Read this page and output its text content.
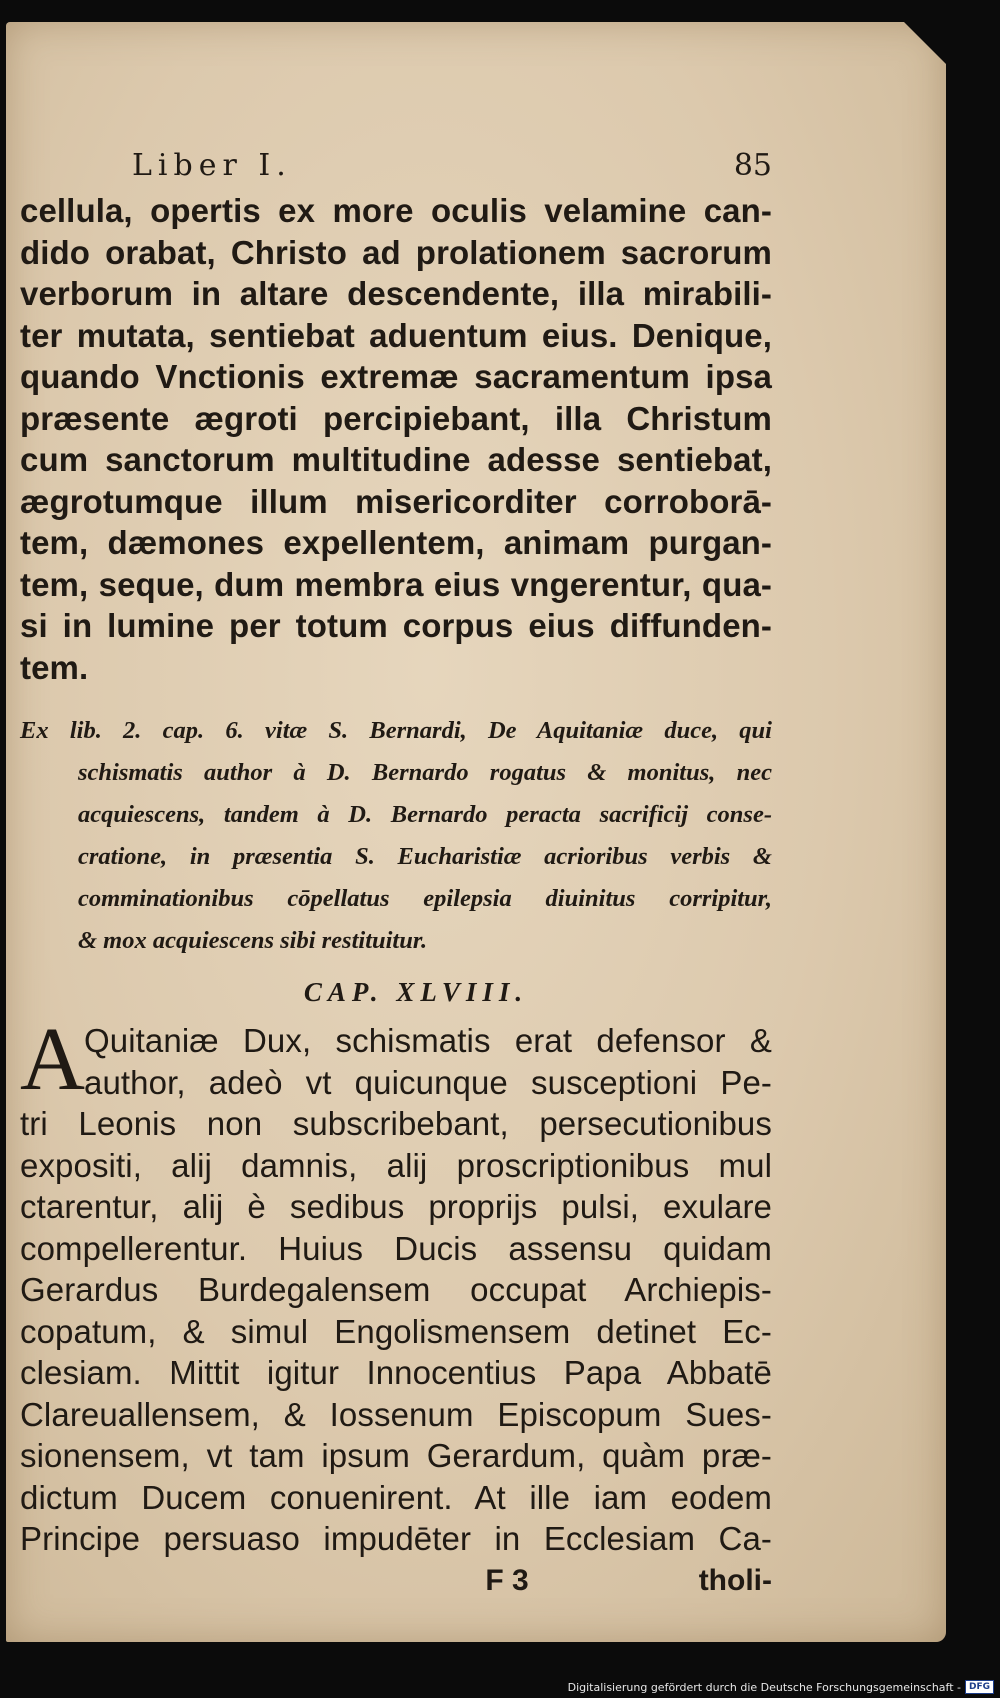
Liber I.	85
cellula, opertis ex more oculis velamine can-
dido orabat, Christo ad prolationem sacrorum
verborum in altare descendente, illa mirabili-
ter mutata, sentiebat aduentum eius. Denique,
quando Vnctionis extremæ sacramentum ipsa
præsente ægroti percipiebant, illa Christum
cum sanctorum multitudine adesse sentiebat,
ægrotumque illum misericorditer corroborā-
tem, dæmones expellentem, animam purgan-
tem, seque, dum membra eius vngerentur, qua-
si in lumine per totum corpus eius diffunden-
tem.
Ex lib. 2. cap. 6. vitæ S. Bernardi, De Aquitaniæ duce, qui
schismatis author à D. Bernardo rogatus & monitus, nec
acquiescens, tandem à D. Bernardo peracta sacrificij conse-
cratione, in præsentia S. Eucharistiæ acrioribus verbis &
comminationibus cōpellatus epilepsia diuinitus corripitur,
& mox acquiescens sibi restituitur.
CAP. XLVIII.
A Quitaniæ Dux, schismatis erat defensor &
author, adeò vt quicunque susceptioni Pe-
tri Leonis non subscribebant, persecutionibus
expositi, alij damnis, alij proscriptionibus mul
ctarentur, alij è sedibus proprijs pulsi, exulare
compellerentur. Huius Ducis assensu quidam
Gerardus Burdegalensem occupat Archiepis-
copatum, & simul Engolismensem detinet Ec-
clesiam. Mittit igitur Innocentius Papa Abbatē
Clareuallensem, & Iossenum Episcopum Sues-
sionensem, vt tam ipsum Gerardum, quàm præ-
dictum Ducem conuenirent. At ille iam eodem
Principe persuaso impudēter in Ecclesiam Ca-
F 3	tholi-
Digitalisierung gefördert durch die Deutsche Forschungsgemeinschaft - DFG
